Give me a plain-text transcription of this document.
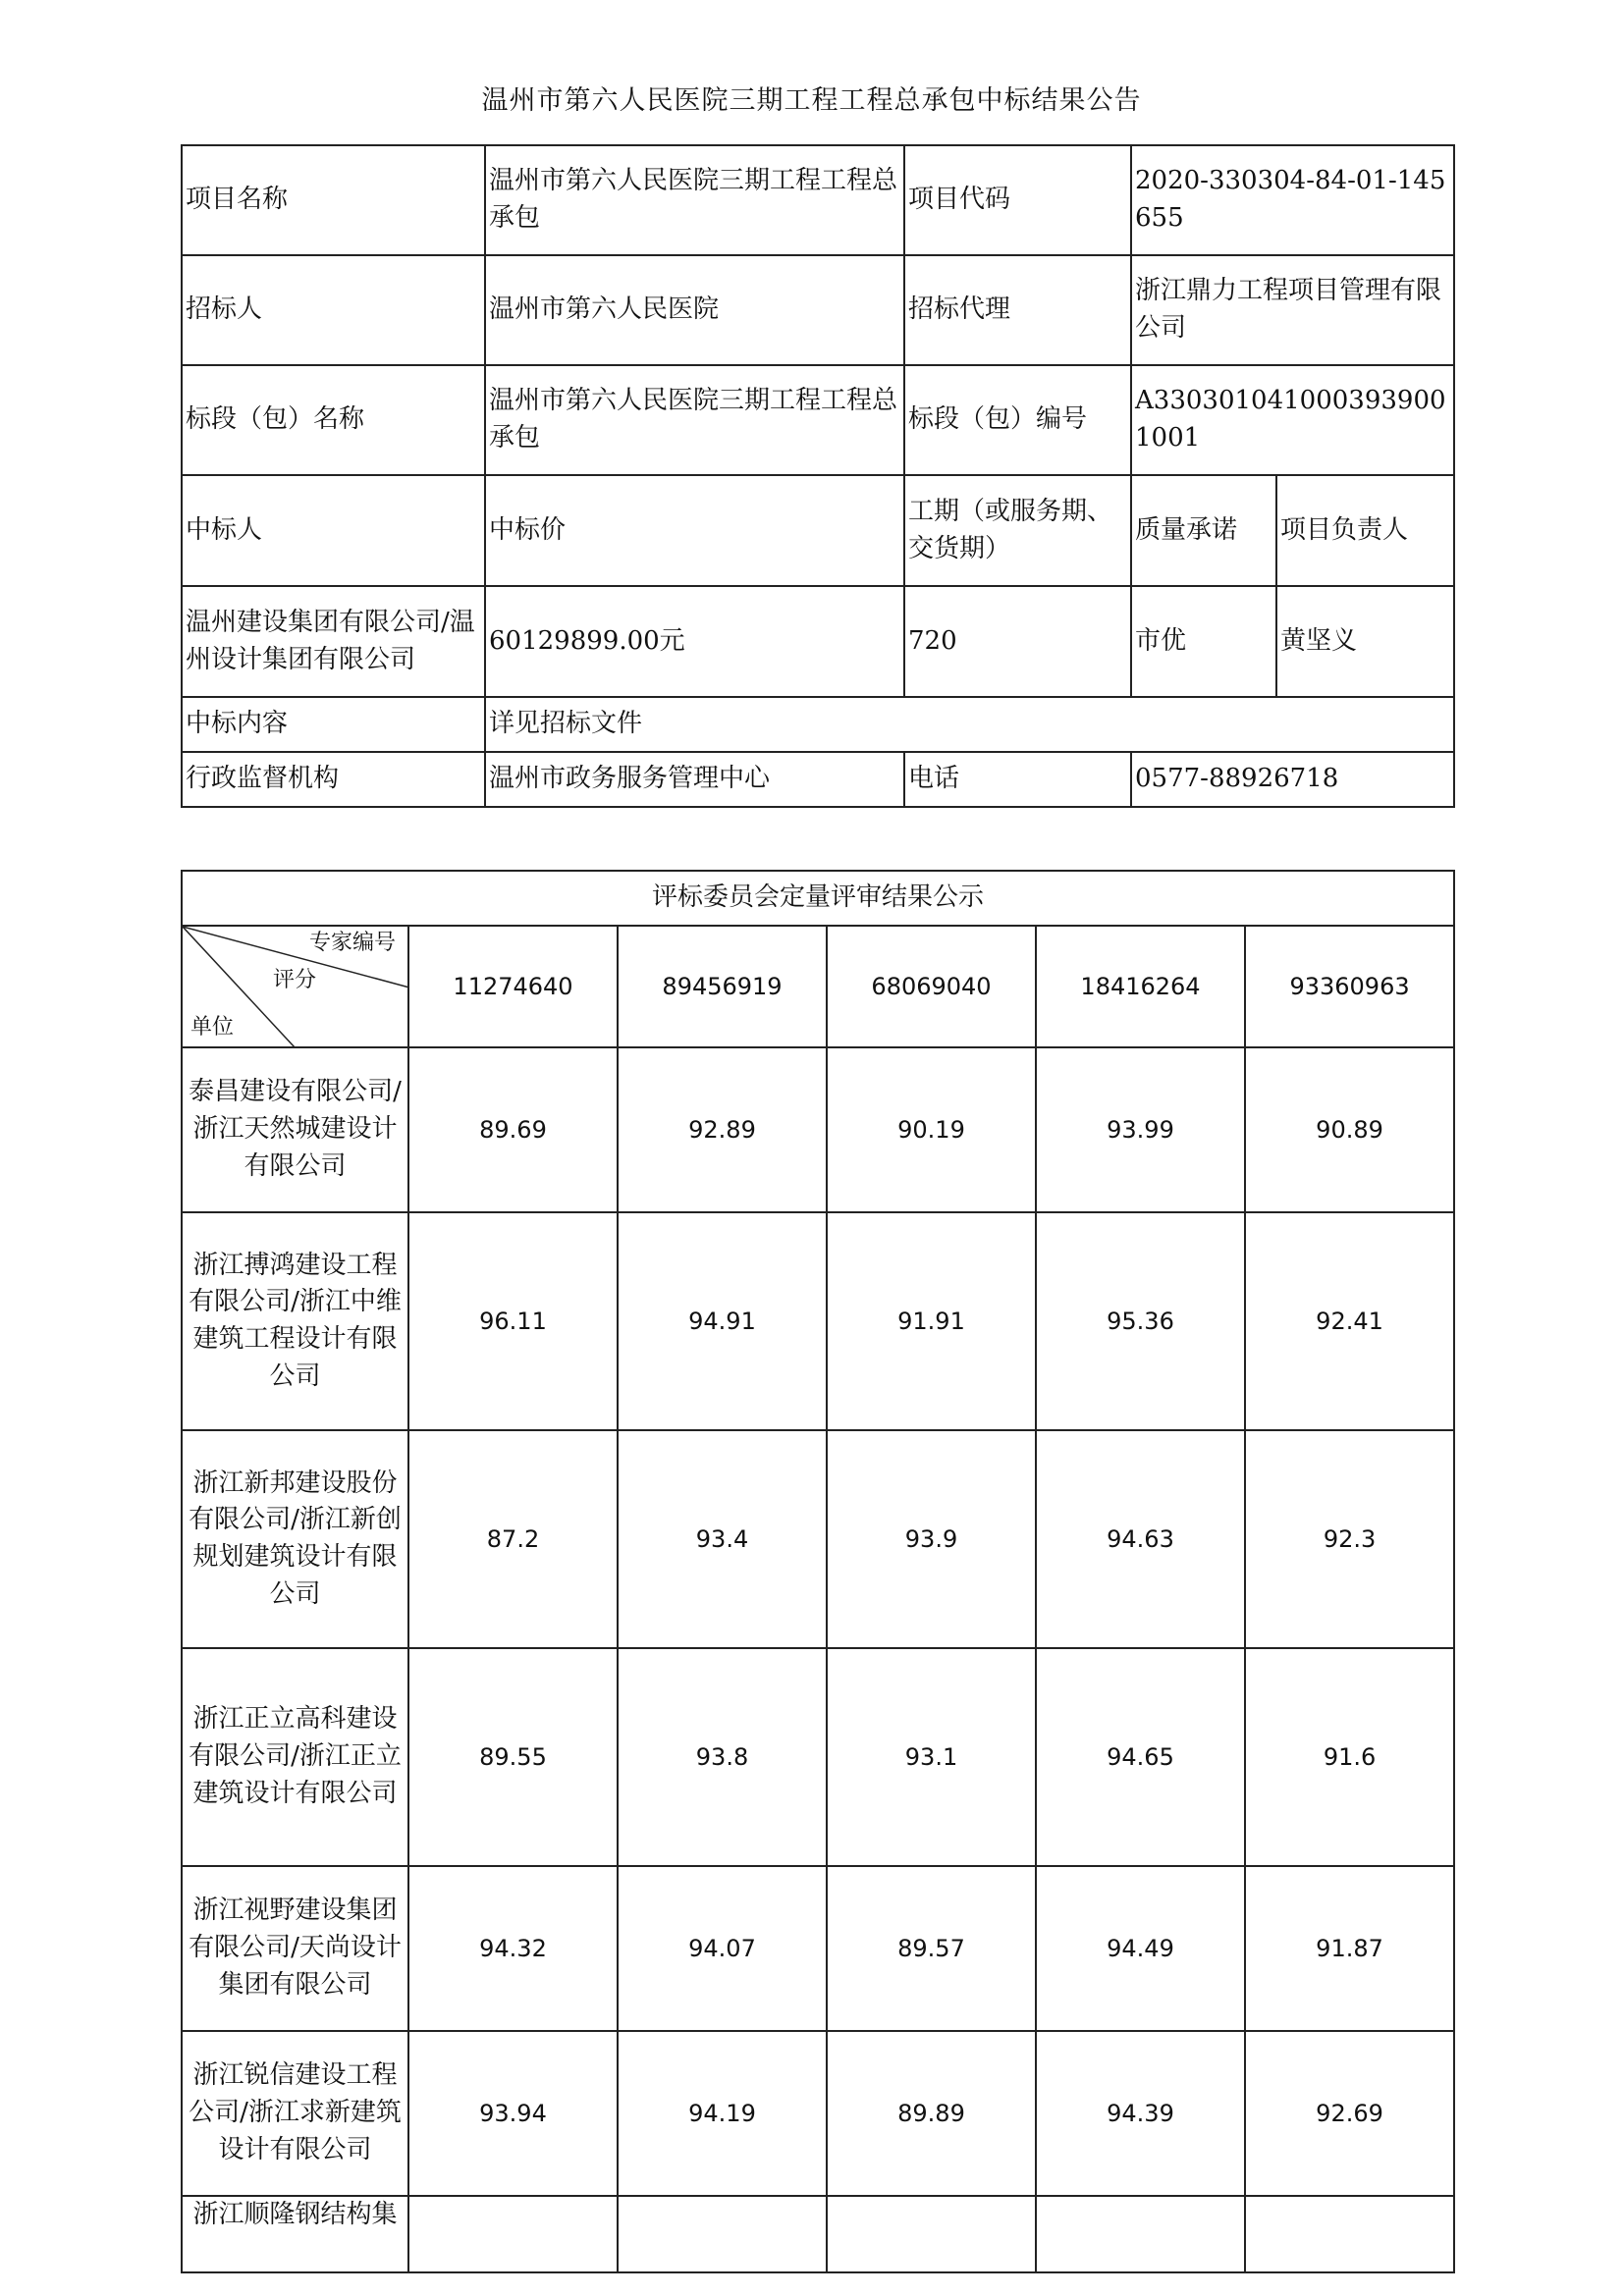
温州市第六人民医院三期工程工程总承包中标结果公告
项目名称	温州市第六人民医院三期工程工程总承包	项目代码	2020-330304-84-01-145655	
招标人	温州市第六人民医院	招标代理	浙江鼎力工程项目管理有限公司	
标段（包）名称	温州市第六人民医院三期工程工程总承包	标段（包）编号	A3303010410003939001001	
中标人	中标价	工期（或服务期、交货期）	质量承诺	项目负责人
温州建设集团有限公司/温州设计集团有限公司	60129899.00元	720	市优	黄坚义
中标内容	详见招标文件			
行政监督机构	温州市政务服务管理中心	电话	0577-88926718	
评标委员会定量评审结果公示					

专家编号
评分
单位	11274640	89456919	68069040	18416264	93360963
泰昌建设有限公司/浙江天然城建设计有限公司	89.69	92.89	90.19	93.99	90.89
浙江搏鸿建设工程有限公司/浙江中维建筑工程设计有限公司	96.11	94.91	91.91	95.36	92.41
浙江新邦建设股份有限公司/浙江新创规划建筑设计有限公司	87.2	93.4	93.9	94.63	92.3
浙江正立高科建设有限公司/浙江正立建筑设计有限公司	89.55	93.8	93.1	94.65	91.6
浙江视野建设集团有限公司/天尚设计集团有限公司	94.32	94.07	89.57	94.49	91.87
浙江锐信建设工程公司/浙江求新建筑设计有限公司	93.94	94.19	89.89	94.39	92.69
浙江顺隆钢结构集					
